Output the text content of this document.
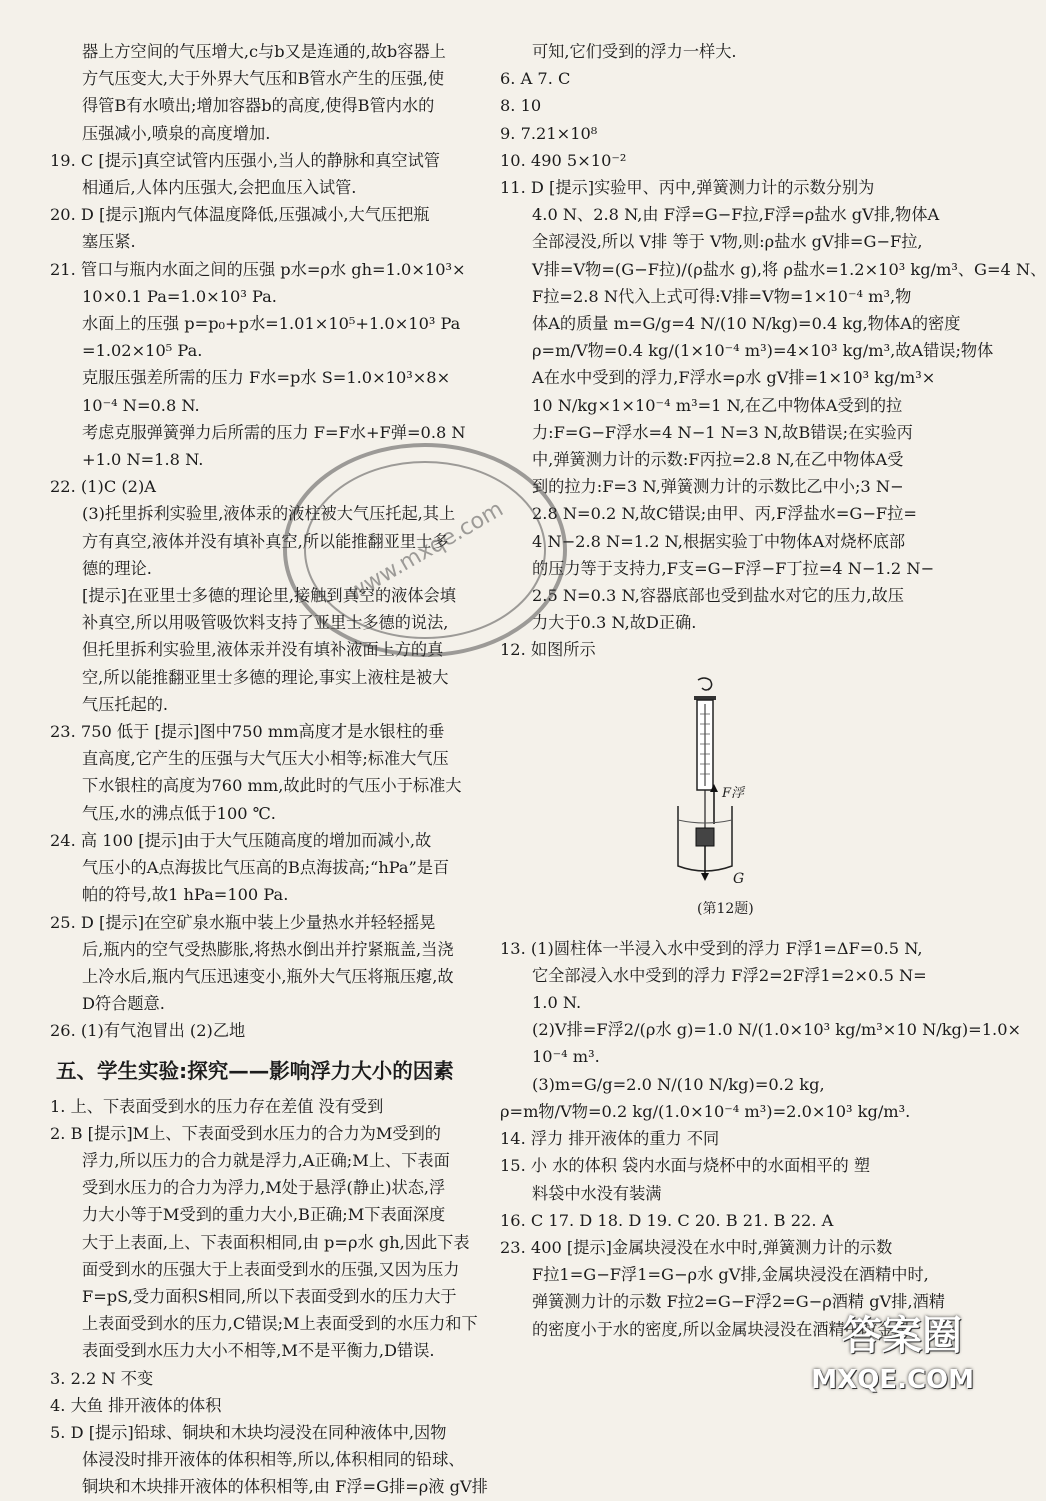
器上方空间的气压增大,c与b又是连通的,故b容器上
方气压变大,大于外界大气压和B管水产生的压强,使
得管B有水喷出;增加容器b的高度,使得B管内水的
压强减小,喷泉的高度增加.
19. C [提示]真空试管内压强小,当人的静脉和真空试管
相通后,人体内压强大,会把血压入试管.
20. D [提示]瓶内气体温度降低,压强减小,大气压把瓶
塞压紧.
21. 管口与瓶内水面之间的压强 p水=ρ水 gh=1.0×10³×
10×0.1 Pa=1.0×10³ Pa.
水面上的压强 p=p₀+p水=1.01×10⁵+1.0×10³ Pa
=1.02×10⁵ Pa.
克服压强差所需的压力 F水=p水 S=1.0×10³×8×
10⁻⁴ N=0.8 N.
考虑克服弹簧弹力后所需的压力 F=F水+F弹=0.8 N
+1.0 N=1.8 N.
22. (1)C (2)A
(3)托里拆利实验里,液体汞的液柱被大气压托起,其上
方有真空,液体并没有填补真空,所以能推翻亚里士多
德的理论.
[提示]在亚里士多德的理论里,接触到真空的液体会填
补真空,所以用吸管吸饮料支持了亚里士多德的说法,
但托里拆利实验里,液体汞并没有填补液面上方的真
空,所以能推翻亚里士多德的理论,事实上液柱是被大
气压托起的.
23. 750 低于 [提示]图中750 mm高度才是水银柱的垂
直高度,它产生的压强与大气压大小相等;标准大气压
下水银柱的高度为760 mm,故此时的气压小于标准大
气压,水的沸点低于100 ℃.
24. 高 100 [提示]由于大气压随高度的增加而减小,故
气压小的A点海拔比气压高的B点海拔高;“hPa”是百
帕的符号,故1 hPa=100 Pa.
25. D [提示]在空矿泉水瓶中装上少量热水并轻轻摇晃
后,瓶内的空气受热膨胀,将热水倒出并拧紧瓶盖,当浇
上冷水后,瓶内气压迅速变小,瓶外大气压将瓶压瘪,故
D符合题意.
26. (1)有气泡冒出 (2)乙地
五、学生实验:探究——影响浮力大小的因素
1. 上、下表面受到水的压力存在差值 没有受到
2. B [提示]M上、下表面受到水压力的合力为M受到的
浮力,所以压力的合力就是浮力,A正确;M上、下表面
受到水压力的合力为浮力,M处于悬浮(静止)状态,浮
力大小等于M受到的重力大小,B正确;M下表面深度
大于上表面,上、下表面积相同,由 p=ρ水 gh,因此下表
面受到水的压强大于上表面受到水的压强,又因为压力
F=pS,受力面积S相同,所以下表面受到水的压力大于
上表面受到水的压力,C错误;M上表面受到的水压力和下
表面受到水压力大小不相等,M不是平衡力,D错误.
3. 2.2 N 不变
4. 大鱼 排开液体的体积
5. D [提示]铅球、铜块和木块均浸没在同种液体中,因物
体浸没时排开液体的体积相等,所以,体积相同的铅球、
铜块和木块排开液体的体积相等,由 F浮=G排=ρ液 gV排
可知,它们受到的浮力一样大.
6. A 7. C
8. 10
9. 7.21×10⁸
10. 490 5×10⁻²
11. D [提示]实验甲、丙中,弹簧测力计的示数分别为
4.0 N、2.8 N,由 F浮=G−F拉,F浮=ρ盐水 gV排,物体A
全部浸没,所以 V排 等于 V物,则:ρ盐水 gV排=G−F拉,
V排=V物=(G−F拉)/(ρ盐水 g),将 ρ盐水=1.2×10³ kg/m³、G=4 N、
F拉=2.8 N代入上式可得:V排=V物=1×10⁻⁴ m³,物
体A的质量 m=G/g=4 N/(10 N/kg)=0.4 kg,物体A的密度
ρ=m/V物=0.4 kg/(1×10⁻⁴ m³)=4×10³ kg/m³,故A错误;物体
A在水中受到的浮力,F浮水=ρ水 gV排=1×10³ kg/m³×
10 N/kg×1×10⁻⁴ m³=1 N,在乙中物体A受到的拉
力:F=G−F浮水=4 N−1 N=3 N,故B错误;在实验丙
中,弹簧测力计的示数:F丙拉=2.8 N,在乙中物体A受
到的拉力:F=3 N,弹簧测力计的示数比乙中小;3 N−
2.8 N=0.2 N,故C错误;由甲、丙,F浮盐水=G−F拉=
4 N−2.8 N=1.2 N,根据实验丁中物体A对烧杯底部
的压力等于支持力,F支=G−F浮−F丁拉=4 N−1.2 N−
2.5 N=0.3 N,容器底部也受到盐水对它的压力,故压
力大于0.3 N,故D正确.
12. 如图所示
F浮
G
(第12题)
13. (1)圆柱体一半浸入水中受到的浮力 F浮1=ΔF=0.5 N,
它全部浸入水中受到的浮力 F浮2=2F浮1=2×0.5 N=
1.0 N.
(2)V排=F浮2/(ρ水 g)=1.0 N/(1.0×10³ kg/m³×10 N/kg)=1.0×
10⁻⁴ m³.
(3)m=G/g=2.0 N/(10 N/kg)=0.2 kg,
ρ=m物/V物=0.2 kg/(1.0×10⁻⁴ m³)=2.0×10³ kg/m³.
14. 浮力 排开液体的重力 不同
15. 小 水的体积 袋内水面与烧杯中的水面相平的 塑
料袋中水没有装满
16. C 17. D 18. D 19. C 20. B 21. B 22. A
23. 400 [提示]金属块浸没在水中时,弹簧测力计的示数
F拉1=G−F浮1=G−ρ水 gV排,金属块浸没在酒精中时,
弹簧测力计的示数 F拉2=G−F浮2=G−ρ酒精 gV排,酒精
的密度小于水的密度,所以金属块浸没在酒精中时金属
www.mxqe.com
答案圈
MXQE.COM
